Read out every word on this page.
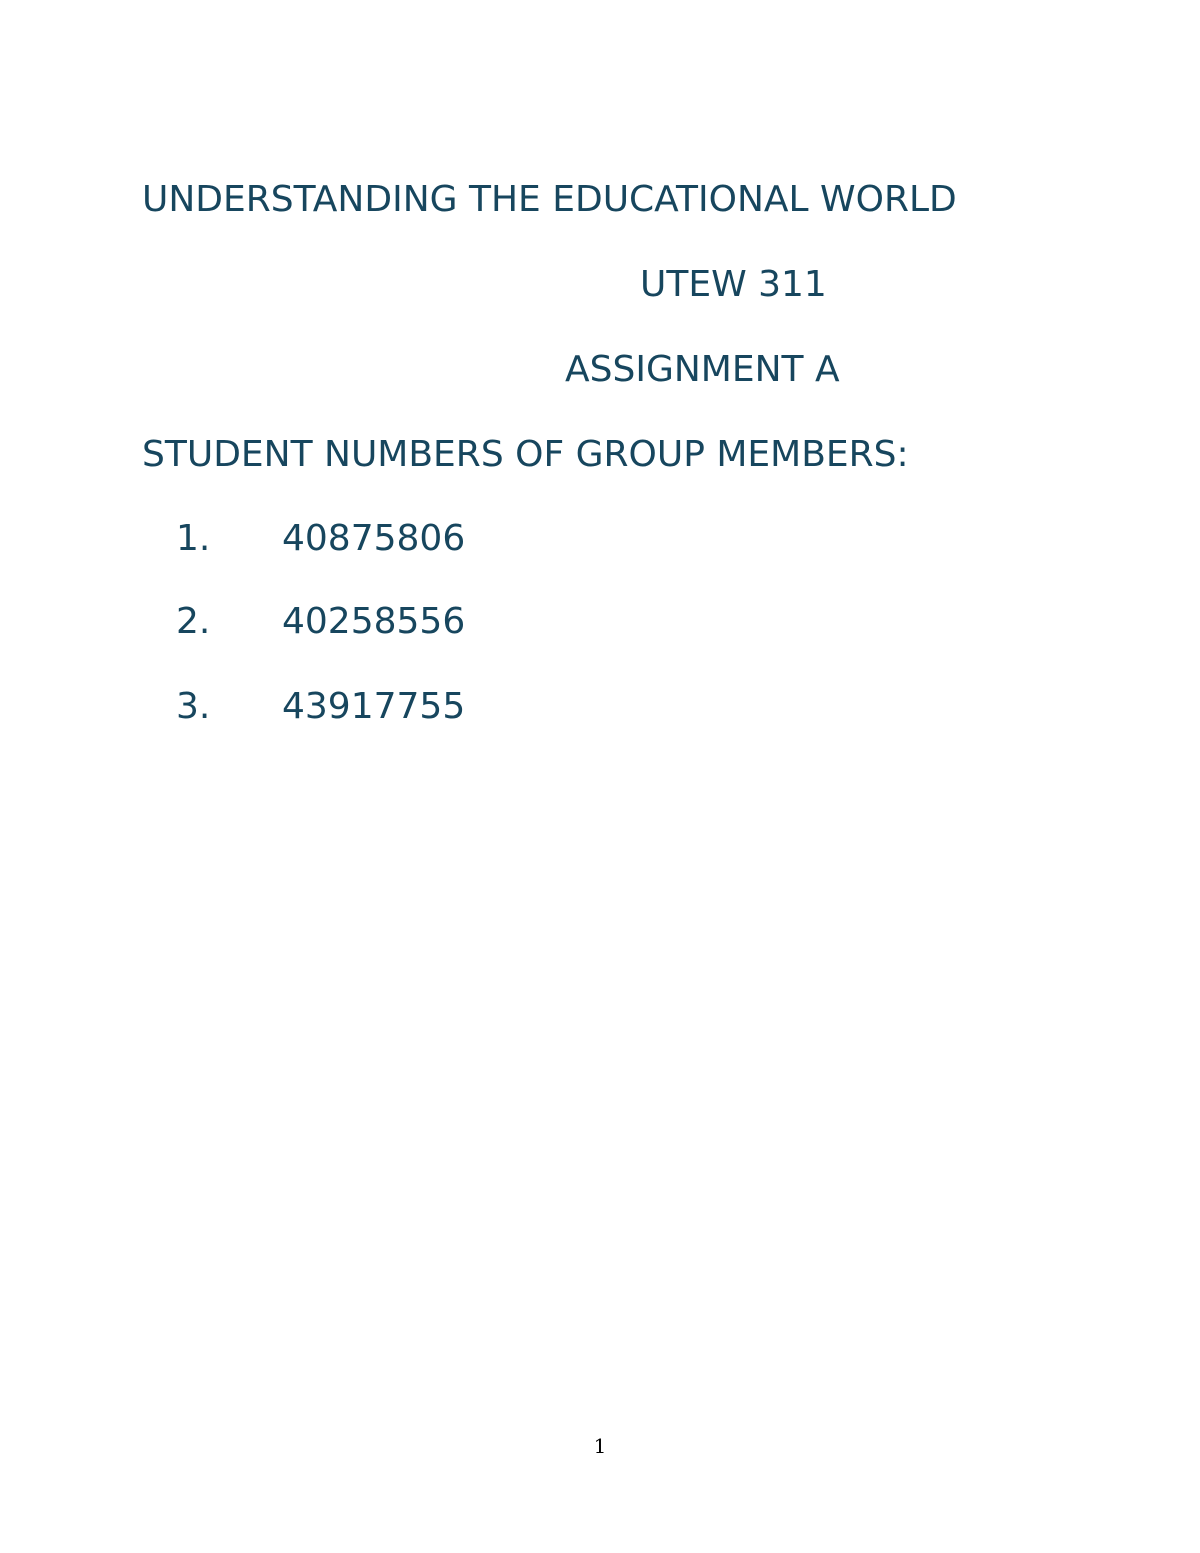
UNDERSTANDING THE EDUCATIONAL WORLD
UTEW 311
ASSIGNMENT A
STUDENT NUMBERS OF GROUP MEMBERS:
1. 40875806
2. 40258556
3. 43917755
1
